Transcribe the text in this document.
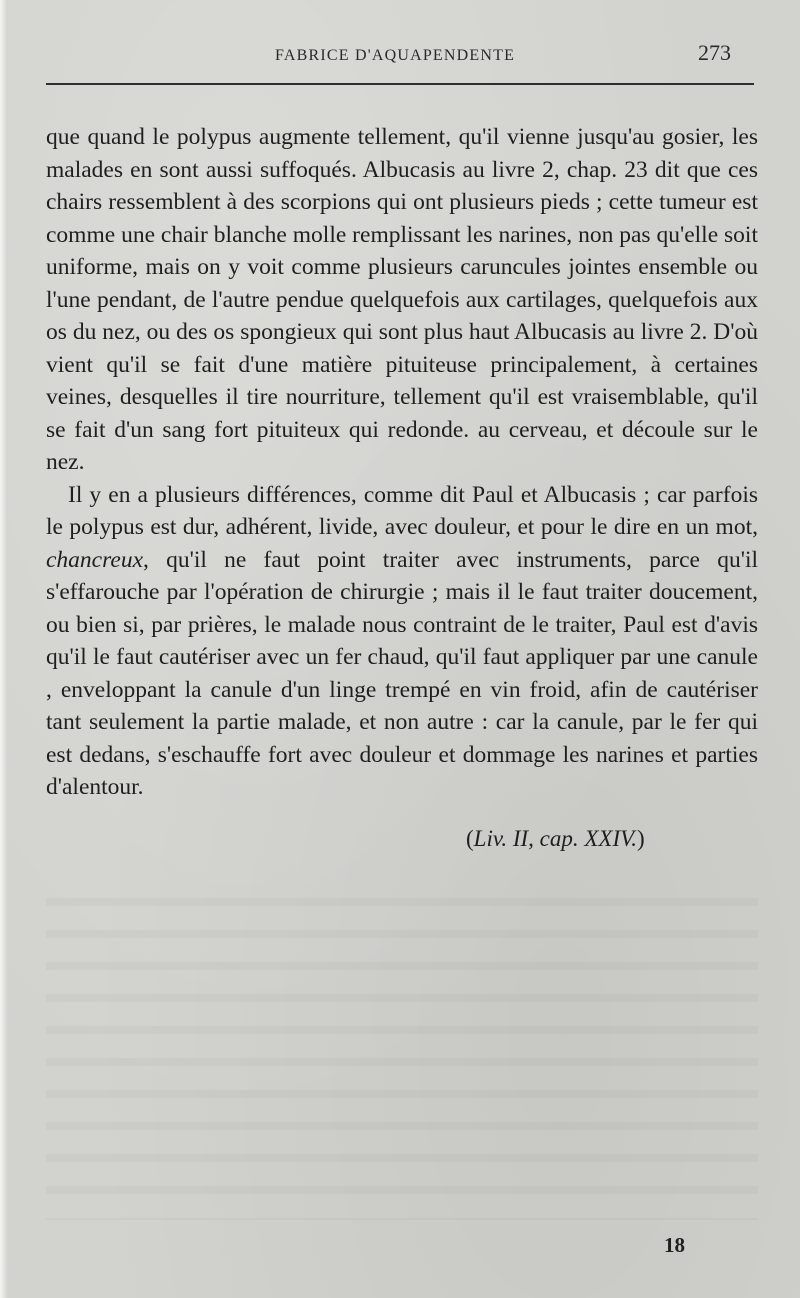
FABRICE D'AQUAPENDENTE	273

que quand le polypus augmente tellement, qu'il vienne jusqu'au gosier, les malades en sont aussi suffoqués. Albucasis au livre 2, chap. 23 dit que ces chairs ressemblent à des scorpions qui ont plusieurs pieds ; cette tumeur est comme une chair blanche molle remplissant les narines, non pas qu'elle soit uniforme, mais on y voit comme plusieurs caruncules jointes ensemble ou l'une pendant, de l'autre pendue quelquefois aux cartilages, quelquefois aux os du nez, ou des os spongieux qui sont plus haut Albucasis au livre 2. D'où vient qu'il se fait d'une matière pituiteuse principalement, à certaines veines, desquelles il tire nourriture, tellement qu'il est vraisemblable, qu'il se fait d'un sang fort pituiteux qui redonde. au cerveau, et découle sur le nez.

Il y en a plusieurs différences, comme dit Paul et Albucasis ; car parfois le polypus est dur, adhérent, livide, avec douleur, et pour le dire en un mot, chancreux, qu'il ne faut point traiter avec instruments, parce qu'il s'effarouche par l'opération de chirurgie ; mais il le faut traiter doucement, ou bien si, par prières, le malade nous contraint de le traiter, Paul est d'avis qu'il le faut cautériser avec un fer chaud, qu'il faut appliquer par une canule , enveloppant la canule d'un linge trempé en vin froid, afin de cautériser tant seulement la partie malade, et non autre : car la canule, par le fer qui est dedans, s'eschauffe fort avec douleur et dommage les narines et parties d'alentour.

(Liv. II, cap. XXIV.)
18
